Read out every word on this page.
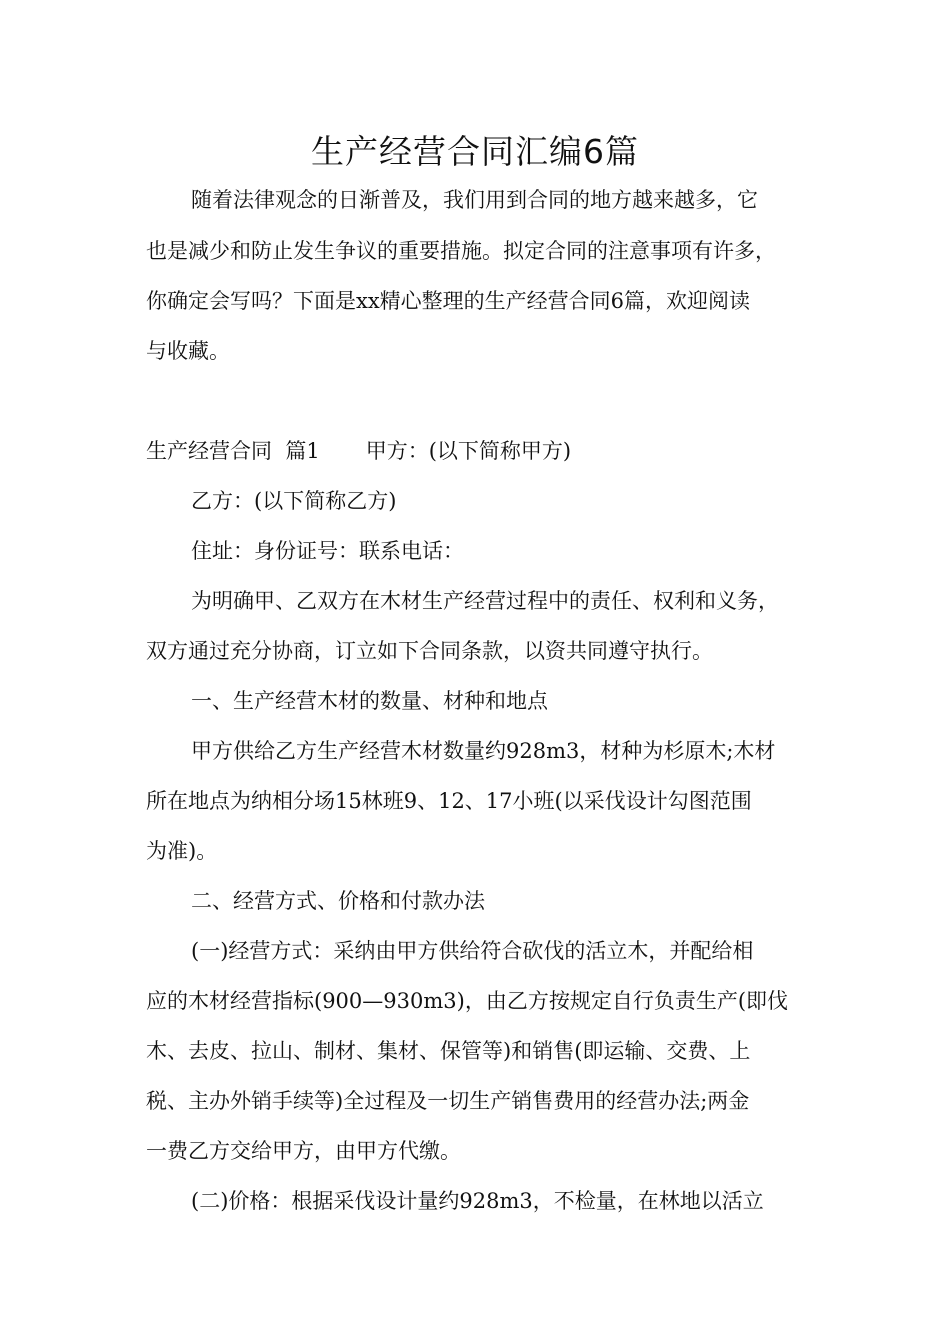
生产经营合同汇编6篇

随着法律观念的日渐普及，我们用到合同的地方越来越多，它

也是减少和防止发生争议的重要措施。拟定合同的注意事项有许多，

你确定会写吗？下面是xx精心整理的生产经营合同6篇，欢迎阅读

与收藏。

生产经营合同  篇1 甲方：(以下简称甲方)

乙方：(以下简称乙方)

住址：身份证号：联系电话：

为明确甲、乙双方在木材生产经营过程中的责任、权利和义务，

双方通过充分协商，订立如下合同条款，以资共同遵守执行。

一、生产经营木材的数量、材种和地点

甲方供给乙方生产经营木材数量约928m3，材种为杉原木;木材

所在地点为纳相分场15林班9、12、17小班(以采伐设计勾图范围

为准)。

二、经营方式、价格和付款办法

(一)经营方式：采纳由甲方供给符合砍伐的活立木，并配给相

应的木材经营指标(900—930m3)，由乙方按规定自行负责生产(即伐

木、去皮、拉山、制材、集材、保管等)和销售(即运输、交费、上

税、主办外销手续等)全过程及一切生产销售费用的经营办法;两金

一费乙方交给甲方，由甲方代缴。

(二)价格：根据采伐设计量约928m3，不检量，在林地以活立
